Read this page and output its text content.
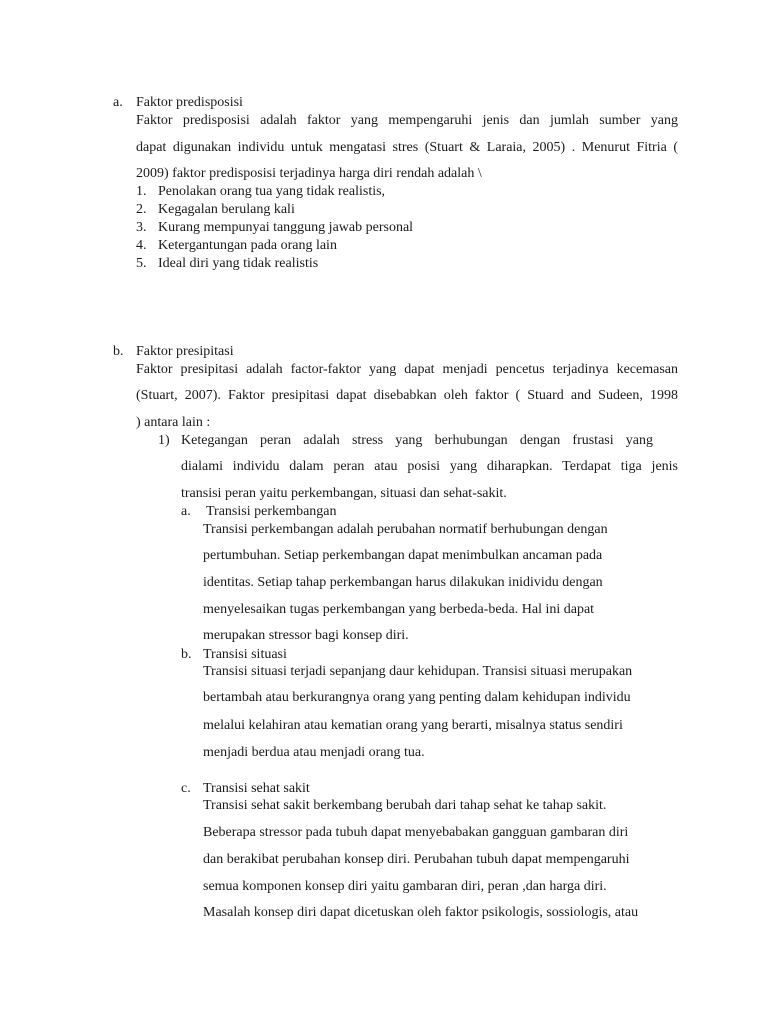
a. Faktor predisposisi
Faktor predisposisi adalah faktor yang mempengaruhi jenis dan jumlah sumber yang
dapat digunakan individu untuk mengatasi stres (Stuart & Laraia, 2005) . Menurut Fitria (
2009) faktor predisposisi terjadinya harga diri rendah adalah \
1. Penolakan orang tua yang tidak realistis,
2. Kegagalan berulang kali
3. Kurang mempunyai tanggung jawab personal
4. Ketergantungan pada orang lain
5. Ideal diri yang tidak realistis
b. Faktor presipitasi
Faktor presipitasi adalah factor-faktor yang dapat menjadi pencetus terjadinya kecemasan
(Stuart, 2007). Faktor presipitasi dapat disebabkan oleh faktor ( Stuard and Sudeen, 1998
) antara lain :
1) Ketegangan peran adalah stress yang berhubungan dengan frustasi yang
dialami individu dalam peran atau posisi yang diharapkan. Terdapat tiga jenis
transisi peran yaitu perkembangan, situasi dan sehat-sakit.
a. Transisi perkembangan
Transisi perkembangan adalah perubahan normatif berhubungan dengan
pertumbuhan. Setiap perkembangan dapat menimbulkan ancaman pada
identitas. Setiap tahap perkembangan harus dilakukan inidividu dengan
menyelesaikan tugas perkembangan yang berbeda-beda. Hal ini dapat
merupakan stressor bagi konsep diri.
b. Transisi situasi
Transisi situasi terjadi sepanjang daur kehidupan. Transisi situasi merupakan
bertambah atau berkurangnya orang yang penting dalam kehidupan individu
melalui kelahiran atau kematian orang yang berarti, misalnya status sendiri
menjadi berdua atau menjadi orang tua.
c. Transisi sehat sakit
Transisi sehat sakit berkembang berubah dari tahap sehat ke tahap sakit.
Beberapa stressor pada tubuh dapat menyebabakan gangguan gambaran diri
dan berakibat perubahan konsep diri. Perubahan tubuh dapat mempengaruhi
semua komponen konsep diri yaitu gambaran diri, peran ,dan harga diri.
Masalah konsep diri dapat dicetuskan oleh faktor psikologis, sossiologis, atau
